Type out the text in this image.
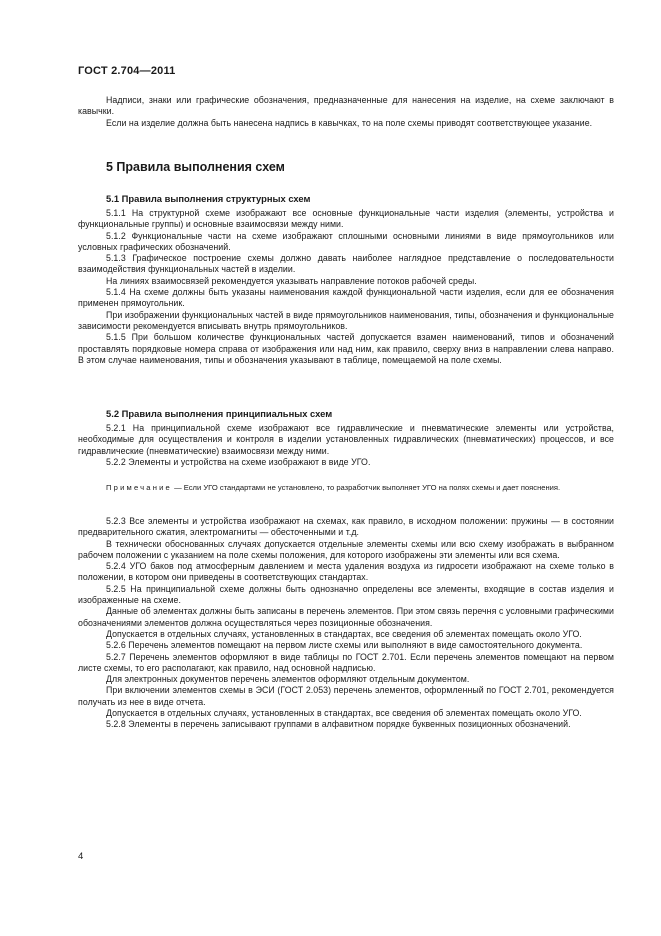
ГОСТ 2.704—2011

Надписи, знаки или графические обозначения, предназначенные для нанесения на изделие, на схеме заключают в кавычки.

Если на изделие должна быть нанесена надпись в кавычках, то на поле схемы приводят соответствующее указание.

5 Правила выполнения схем
5.1 Правила выполнения структурных схем

5.1.1 На структурной схеме изображают все основные функциональные части изделия (элементы, устройства и функциональные группы) и основные взаимосвязи между ними.

5.1.2 Функциональные части на схеме изображают сплошными основными линиями в виде прямоугольников или условных графических обозначений.

5.1.3 Графическое построение схемы должно давать наиболее наглядное представление о последовательности взаимодействия функциональных частей в изделии.

На линиях взаимосвязей рекомендуется указывать направление потоков рабочей среды.

5.1.4 На схеме должны быть указаны наименования каждой функциональной части изделия, если для ее обозначения применен прямоугольник.

При изображении функциональных частей в виде прямоугольников наименования, типы, обозначения и функциональные зависимости рекомендуется вписывать внутрь прямоугольников.

5.1.5 При большом количестве функциональных частей допускается взамен наименований, типов и обозначений проставлять порядковые номера справа от изображения или над ним, как правило, сверху вниз в направлении слева направо. В этом случае наименования, типы и обозначения указывают в таблице, помещаемой на поле схемы.

5.2 Правила выполнения принципиальных схем

5.2.1 На принципиальной схеме изображают все гидравлические и пневматические элементы или устройства, необходимые для осуществления и контроля в изделии установленных гидравлических (пневматических) процессов, и все гидравлические (пневматические) взаимосвязи между ними.

5.2.2 Элементы и устройства на схеме изображают в виде УГО.

Примечание — Если УГО стандартами не установлено, то разработчик выполняет УГО на полях схемы и дает пояснения.

5.2.3 Все элементы и устройства изображают на схемах, как правило, в исходном положении: пружины — в состоянии предварительного сжатия, электромагниты — обесточенными и т.д.

В технически обоснованных случаях допускается отдельные элементы схемы или всю схему изображать в выбранном рабочем положении с указанием на поле схемы положения, для которого изображены эти элементы или вся схема.

5.2.4 УГО баков под атмосферным давлением и места удаления воздуха из гидросети изображают на схеме только в положении, в котором они приведены в соответствующих стандартах.

5.2.5 На принципиальной схеме должны быть однозначно определены все элементы, входящие в состав изделия и изображенные на схеме.

Данные об элементах должны быть записаны в перечень элементов. При этом связь перечня с условными графическими обозначениями элементов должна осуществляться через позиционные обозначения.

Допускается в отдельных случаях, установленных в стандартах, все сведения об элементах помещать около УГО.

5.2.6 Перечень элементов помещают на первом листе схемы или выполняют в виде самостоятельного документа.

5.2.7 Перечень элементов оформляют в виде таблицы по ГОСТ 2.701. Если перечень элементов помещают на первом листе схемы, то его располагают, как правило, над основной надписью.

Для электронных документов перечень элементов оформляют отдельным документом.

При включении элементов схемы в ЭСИ (ГОСТ 2.053) перечень элементов, оформленный по ГОСТ 2.701, рекомендуется получать из нее в виде отчета.

Допускается в отдельных случаях, установленных в стандартах, все сведения об элементах помещать около УГО.

5.2.8 Элементы в перечень записывают группами в алфавитном порядке буквенных позиционных обозначений.

4
